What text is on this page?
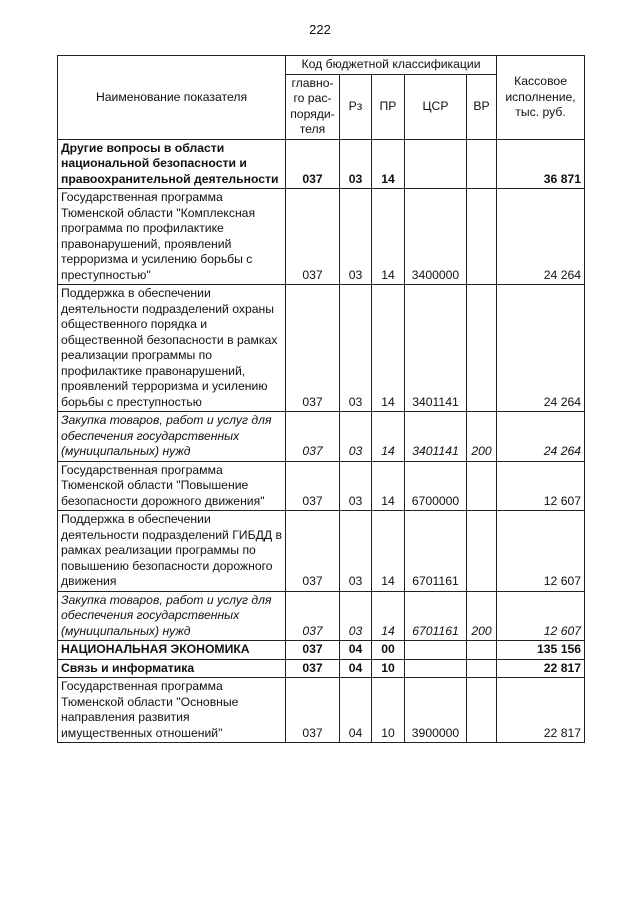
222
Наименование показателя	Код бюджетной классификации					Кассовое исполнение, тыс. руб.
	главно-го рас-поряди-теля	Рз	ПР	ЦСР	ВР	
Другие вопросы в области национальной безопасности и правоохранительной деятельности	037	03	14			36 871
Государственная программа Тюменской области "Комплексная программа по профилактике правонарушений, проявлений терроризма и усилению борьбы с преступностью"	037	03	14	3400000		24 264
Поддержка в обеспечении деятельности подразделений охраны общественного порядка и общественной безопасности в рамках реализации программы по профилактике правонарушений, проявлений терроризма и усилению борьбы с преступностью	037	03	14	3401141		24 264
Закупка товаров, работ и услуг для обеспечения государственных (муниципальных) нужд	037	03	14	3401141	200	24 264
Государственная программа Тюменской области "Повышение безопасности дорожного движения"	037	03	14	6700000		12 607
Поддержка в обеспечении деятельности подразделений ГИБДД в рамках реализации программы по повышению безопасности дорожного движения	037	03	14	6701161		12 607
Закупка товаров, работ и услуг для обеспечения государственных (муниципальных) нужд	037	03	14	6701161	200	12 607
НАЦИОНАЛЬНАЯ ЭКОНОМИКА	037	04	00			135 156
Связь и информатика	037	04	10			22 817
Государственная программа Тюменской области "Основные направления развития имущественных отношений"	037	04	10	3900000		22 817
